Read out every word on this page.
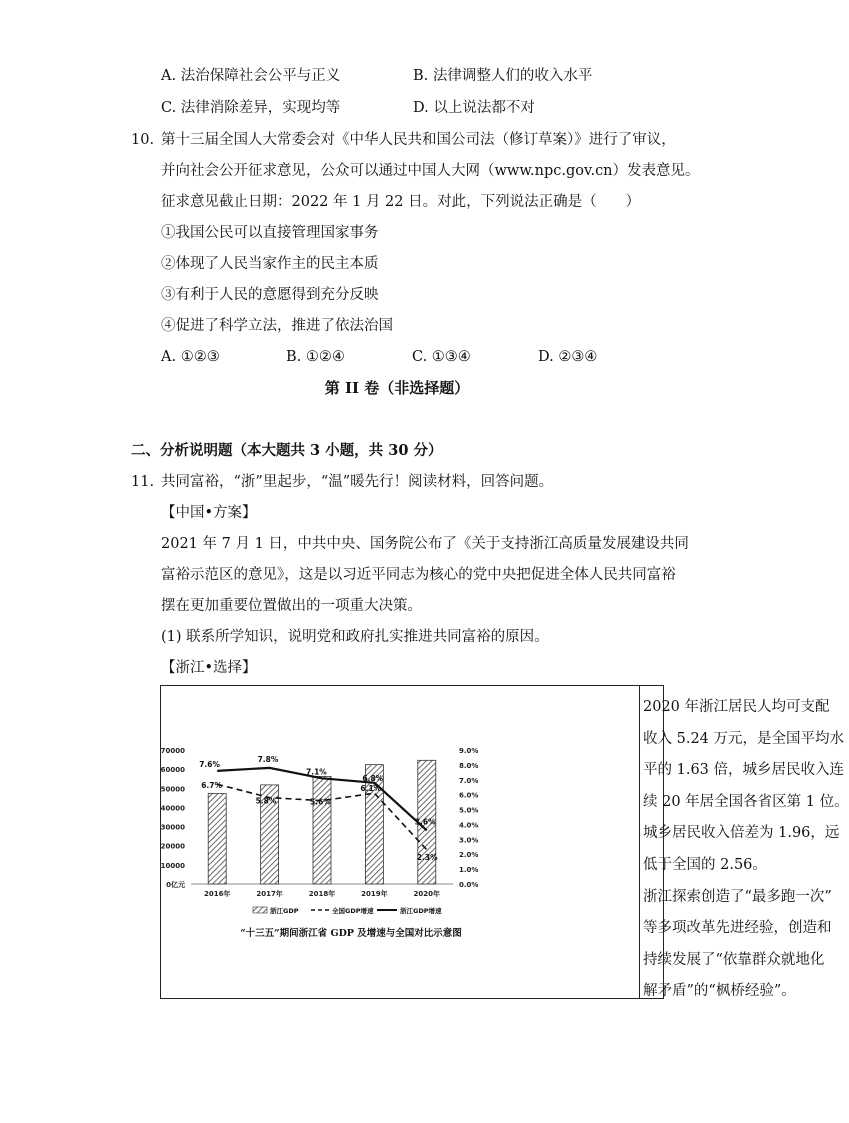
A. 法治保障社会公平与正义	B. 法律调整人们的收入水平
C. 法律消除差异，实现均等	D. 以上说法都不对
10. 第十三届全国人大常委会对《中华人民共和国公司法（修订草案）》进行了审议，
并向社会公开征求意见，公众可以通过中国人大网（www.npc.gov.cn）发表意见。
征求意见截止日期：2022 年 1 月 22 日。对此，下列说法正确是（　　）
①我国公民可以直接管理国家事务
②体现了人民当家作主的民主本质
③有利于人民的意愿得到充分反映
④促进了科学立法，推进了依法治国
A. ①②③	B. ①②④	C. ①③④	D. ②③④
第 II 卷（非选择题）
二、分析说明题（本大题共 3 小题，共 30 分）
11. 共同富裕，“浙”里起步，“温”暖先行！阅读材料，回答问题。
【中国•方案】
2021 年 7 月 1 日，中共中央、国务院公布了《关于支持浙江高质量发展建设共同
富裕示范区的意见》，这是以习近平同志为核心的党中央把促进全体人民共同富裕
摆在更加重要位置做出的一项重大决策。
(1) 联系所学知识，说明党和政府扎实推进共同富裕的原因。
【浙江•选择】
0亿元
10000
20000
30000
40000
50000
60000
70000
0.0%
1.0%
2.0%
3.0%
4.0%
5.0%
6.0%
7.0%
8.0%
9.0%
2016年	2017年	2018年	2019年	2020年
6.7%
5.8%	5.6%
6.1%
2.3%
7.6%
7.8%
7.1%
6.8%
3.6%
浙江GDP	全国GDP增速	浙江GDP增速
“十三五”期间浙江省 GDP 及增速与全国对比示意图
2020 年浙江居民人均可支配
收入 5.24 万元，是全国平均水
平的 1.63 倍，城乡居民收入连
续 20 年居全国各省区第 1 位。
城乡居民收入倍差为 1.96，远
低于全国的 2.56。
浙江探索创造了“最多跑一次”
等多项改革先进经验，创造和
持续发展了“依靠群众就地化
解矛盾”的“枫桥经验”。
